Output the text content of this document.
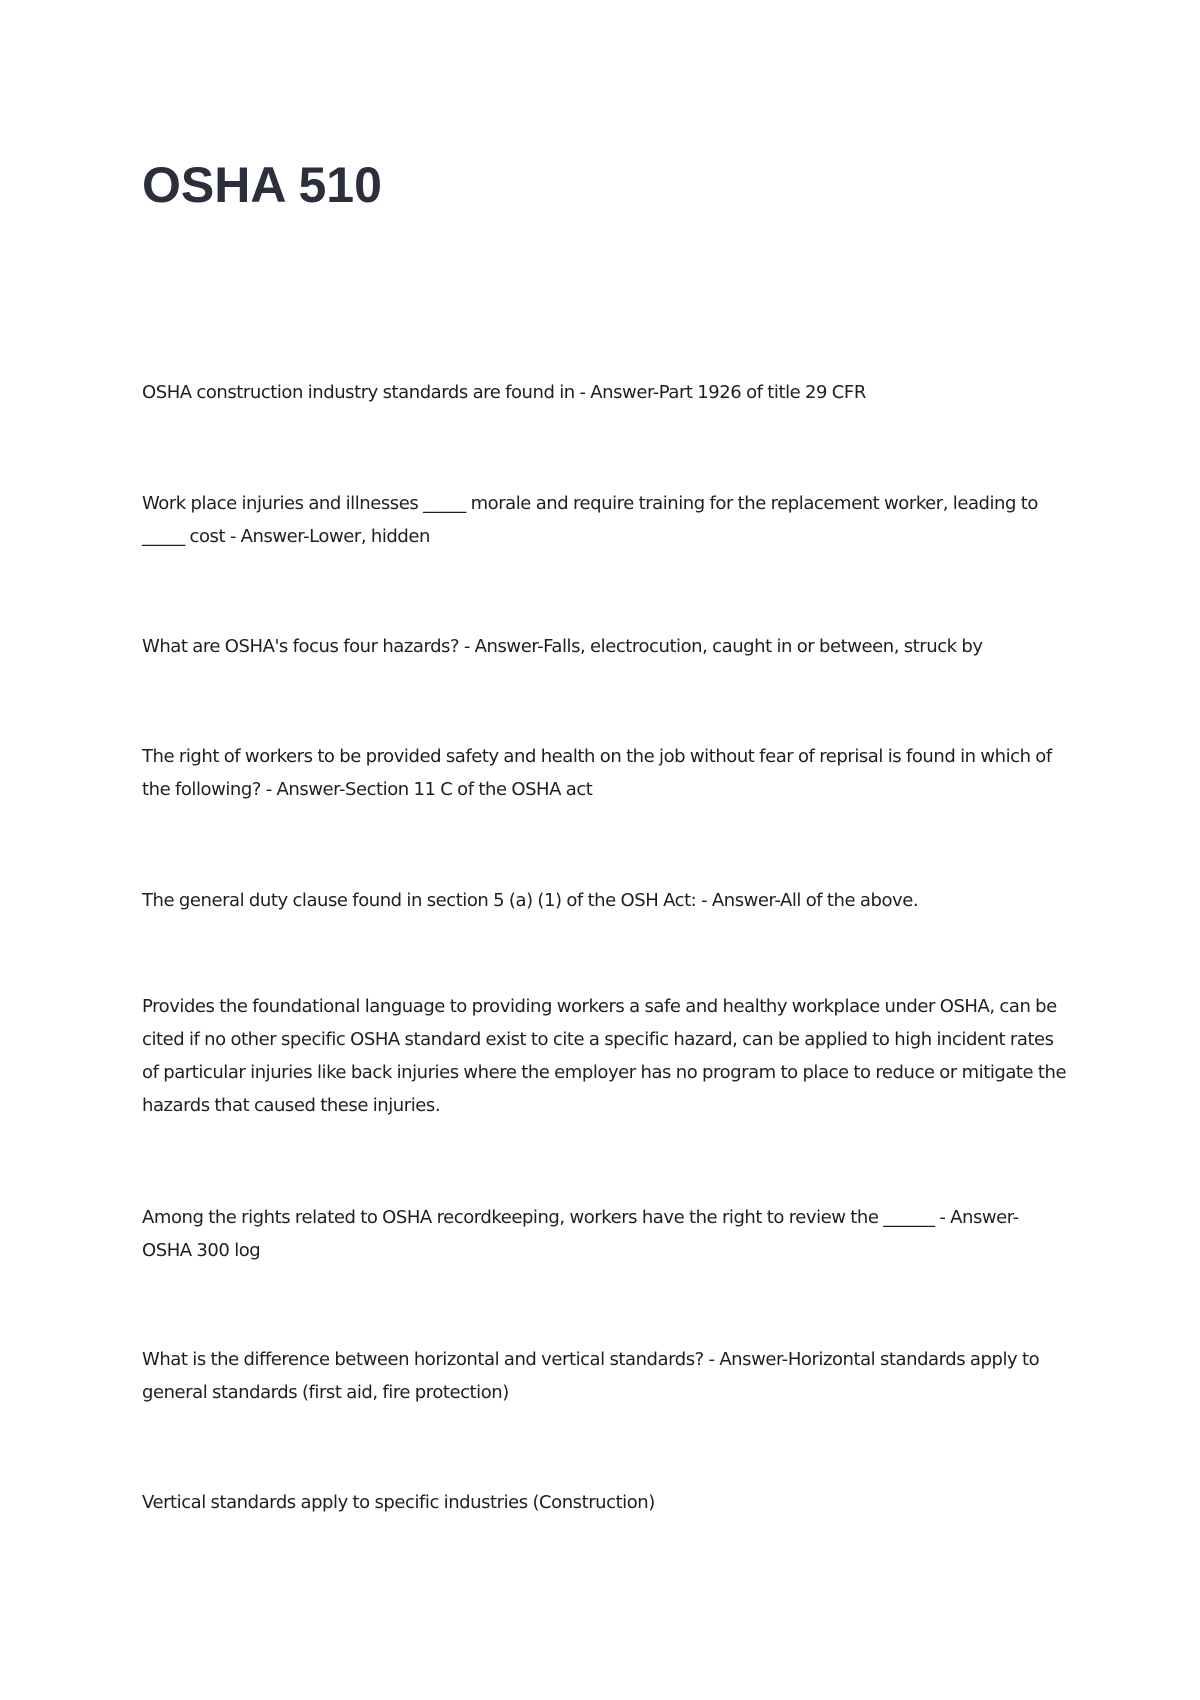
OSHA 510

OSHA construction industry standards are found in - Answer-Part 1926 of title 29 CFR

Work place injuries and illnesses _____ morale and require training for the replacement worker, leading to _____ cost - Answer-Lower, hidden

What are OSHA's focus four hazards? - Answer-Falls, electrocution, caught in or between, struck by

The right of workers to be provided safety and health on the job without fear of reprisal is found in which of the following? - Answer-Section 11 C of the OSHA act

The general duty clause found in section 5 (a) (1) of the OSH Act: - Answer-All of the above.

Provides the foundational language to providing workers a safe and healthy workplace under OSHA, can be cited if no other specific OSHA standard exist to cite a specific hazard, can be applied to high incident rates of particular injuries like back injuries where the employer has no program to place to reduce or mitigate the hazards that caused these injuries.

Among the rights related to OSHA recordkeeping, workers have the right to review the ______ - Answer-OSHA 300 log

What is the difference between horizontal and vertical standards? - Answer-Horizontal standards apply to general standards (first aid, fire protection)

Vertical standards apply to specific industries (Construction)
